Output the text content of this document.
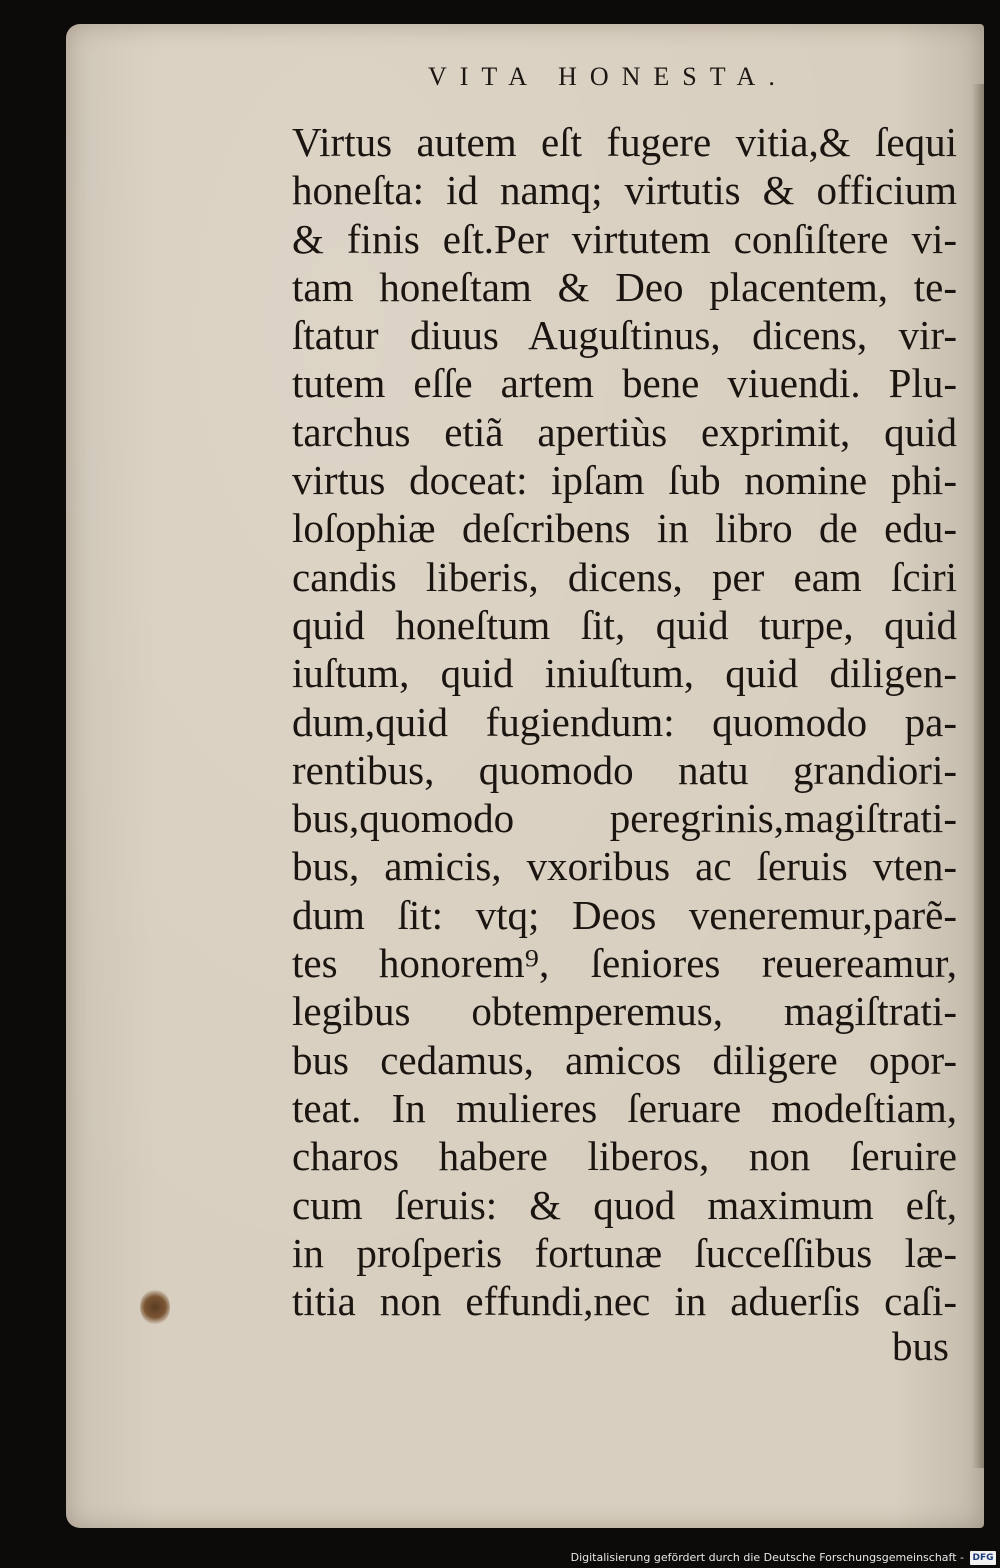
VITA HONESTA.
Virtus autem eſt fugere vitia,& ſequi
honeſta: id namq; virtutis & officium
& finis eſt.Per virtutem conſiſtere vi-
tam honeſtam & Deo placentem, te-
ſtatur diuus Auguſtinus, dicens, vir-
tutem eſſe artem bene viuendi. Plu-
tarchus etiã apertiùs exprimit, quid
virtus doceat: ipſam ſub nomine phi-
loſophiæ deſcribens in libro de edu-
candis liberis, dicens, per eam ſciri
quid honeſtum ſit, quid turpe, quid
iuſtum, quid iniuſtum, quid diligen-
dum,quid fugiendum: quomodo pa-
rentibus, quomodo natu grandiori-
bus,quomodo peregrinis,magiſtrati-
bus, amicis, vxoribus ac ſeruis vten-
dum ſit: vtq; Deos veneremur,parẽ-
tes honorem⁹, ſeniores reuereamur,
legibus obtemperemus, magiſtrati-
bus cedamus, amicos diligere opor-
teat. In mulieres ſeruare modeſtiam,
charos habere liberos, non ſeruire
cum ſeruis: & quod maximum eſt,
in proſperis fortunæ ſucceſſibus læ-
titia non effundi,nec in aduerſis caſi-
bus
Digitalisierung gefördert durch die Deutsche Forschungsgemeinschaft - DFG
